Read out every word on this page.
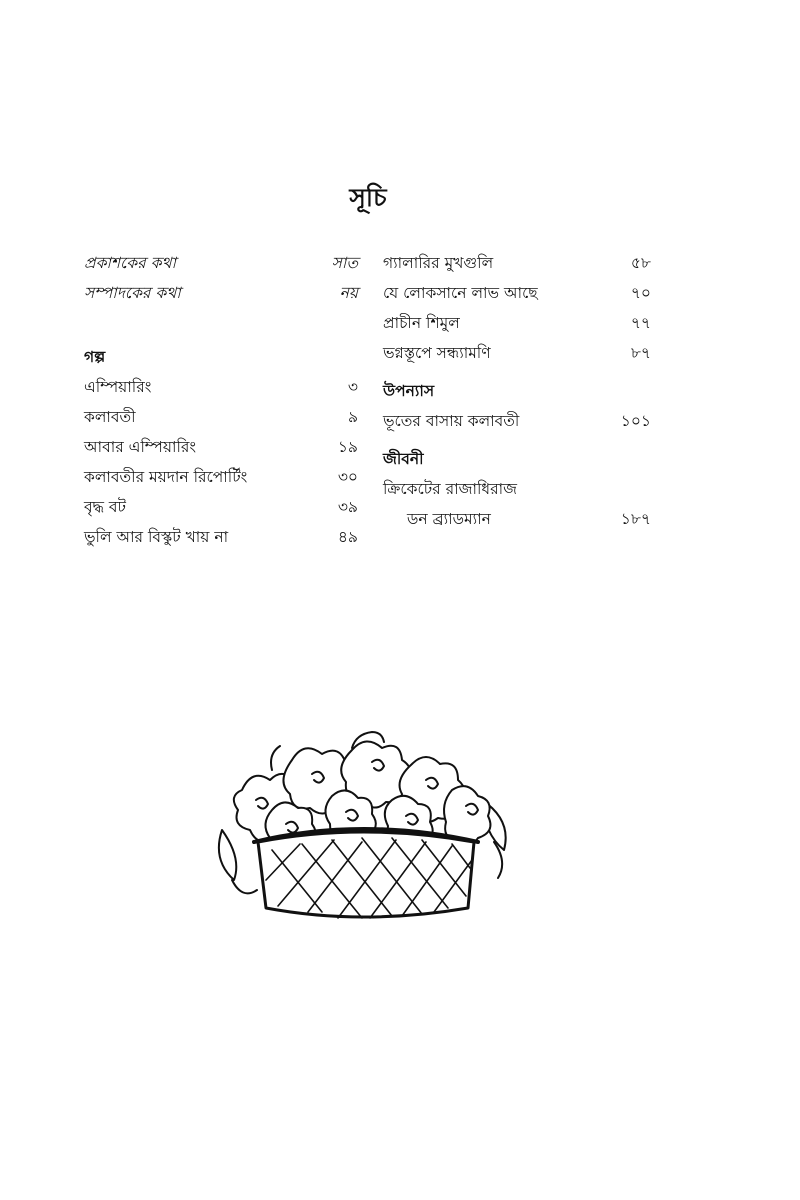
সূচি
প্রকাশকের কথা	সাত
সম্পাদকের কথা	নয়
গল্প
এম্পিয়ারিং	৩
কলাবতী	৯
আবার এম্পিয়ারিং	১৯
কলাবতীর ময়দান রিপোর্টিং	৩০
বৃদ্ধ বট	৩৯
ভুলি আর বিস্কুট খায় না	৪৯
গ্যালারির মুখগুলি	৫৮
যে লোকসানে লাভ আছে	৭০
প্রাচীন শিমুল	৭৭
ভগ্নস্তূপে সন্ধ্যামণি	৮৭
উপন্যাস
ভূতের বাসায় কলাবতী	১০১
জীবনী
ক্রিকেটের রাজাধিরাজ
ডন ব্র্যাডম্যান	১৮৭
